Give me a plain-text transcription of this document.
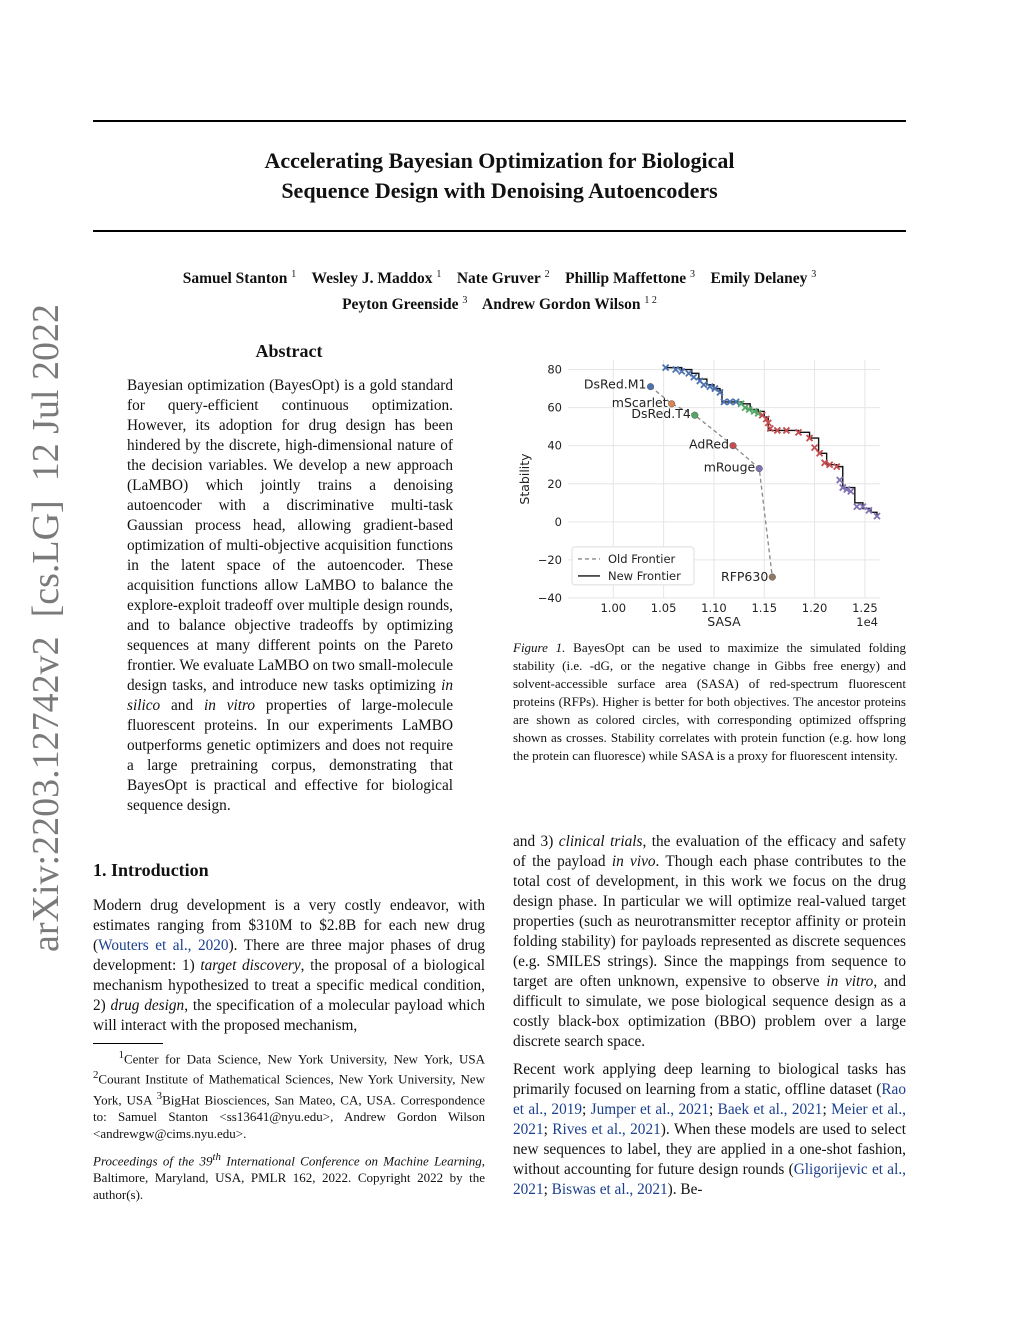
arXiv:2203.12742v2  [cs.LG]  12 Jul 2022
Accelerating Bayesian Optimization for Biological
Sequence Design with Denoising Autoencoders
Samuel Stanton $^1$ Wesley J. Maddox $^1$ Nate Gruver $^2$ Phillip Maffettone $^3$ Emily Delaney $^3$
Peyton Greenside $^3$ Andrew Gordon Wilson $^{1 2}$
Abstract
Bayesian optimization (BayesOpt) is a gold standard for query-efficient continuous optimization. However, its adoption for drug design has been hindered by the discrete, high-dimensional nature of the decision variables. We develop a new approach (LaMBO) which jointly trains a denoising autoencoder with a discriminative multi-task Gaussian process head, allowing gradient-based optimization of multi-objective acquisition functions in the latent space of the autoencoder. These acquisition functions allow LaMBO to balance the explore-exploit tradeoff over multiple design rounds, and to balance objective tradeoffs by optimizing sequences at many different points on the Pareto frontier. We evaluate LaMBO on two small-molecule design tasks, and introduce new tasks optimizing in silico and in vitro properties of large-molecule fluorescent proteins. In our experiments LaMBO outperforms genetic optimizers and does not require a large pretraining corpus, demonstrating that BayesOpt is practical and effective for biological sequence design.
1. Introduction
Modern drug development is a very costly endeavor, with estimates ranging from $310M to $2.8B for each new drug (Wouters et al., 2020). There are three major phases of drug development: 1) target discovery, the proposal of a biological mechanism hypothesized to treat a specific medical condition, 2) drug design, the specification of a molecular payload which will interact with the proposed mechanism,
$^1$Center for Data Science, New York University, New York, USA $^2$Courant Institute of Mathematical Sciences, New York University, New York, USA $^3$BigHat Biosciences, San Mateo, CA, USA. Correspondence to: Samuel Stanton <ss13641@nyu.edu>, Andrew Gordon Wilson <andrewgw@cims.nyu.edu>.
Proceedings of the 39th International Conference on Machine Learning, Baltimore, Maryland, USA, PMLR 162, 2022. Copyright 2022 by the author(s).
1.00 1.05 1.10 1.15 1.20 1.25
80
60
40
20
0
−20
−40
SASA	1e4
Stability
DsRed.M1
mScarlet
DsRed.T4
AdRed
mRouge
RFP630
Old Frontier
New Frontier
Figure 1. BayesOpt can be used to maximize the simulated folding stability (i.e. -dG, or the negative change in Gibbs free energy) and solvent-accessible surface area (SASA) of red-spectrum fluorescent proteins (RFPs). Higher is better for both objectives. The ancestor proteins are shown as colored circles, with corresponding optimized offspring shown as crosses. Stability correlates with protein function (e.g. how long the protein can fluoresce) while SASA is a proxy for fluorescent intensity.

and 3) clinical trials, the evaluation of the efficacy and safety of the payload in vivo. Though each phase contributes to the total cost of development, in this work we focus on the drug design phase. In particular we will optimize real-valued target properties (such as neurotransmitter receptor affinity or protein folding stability) for payloads represented as discrete sequences (e.g. SMILES strings). Since the mappings from sequence to target are often unknown, expensive to observe in vitro, and difficult to simulate, we pose biological sequence design as a costly black-box optimization (BBO) problem over a large discrete search space.

Recent work applying deep learning to biological tasks has primarily focused on learning from a static, offline dataset (Rao et al., 2019; Jumper et al., 2021; Baek et al., 2021; Meier et al., 2021; Rives et al., 2021). When these models are used to select new sequences to label, they are applied in a one-shot fashion, without accounting for future design rounds (Gligorijevic et al., 2021; Biswas et al., 2021). Be-
